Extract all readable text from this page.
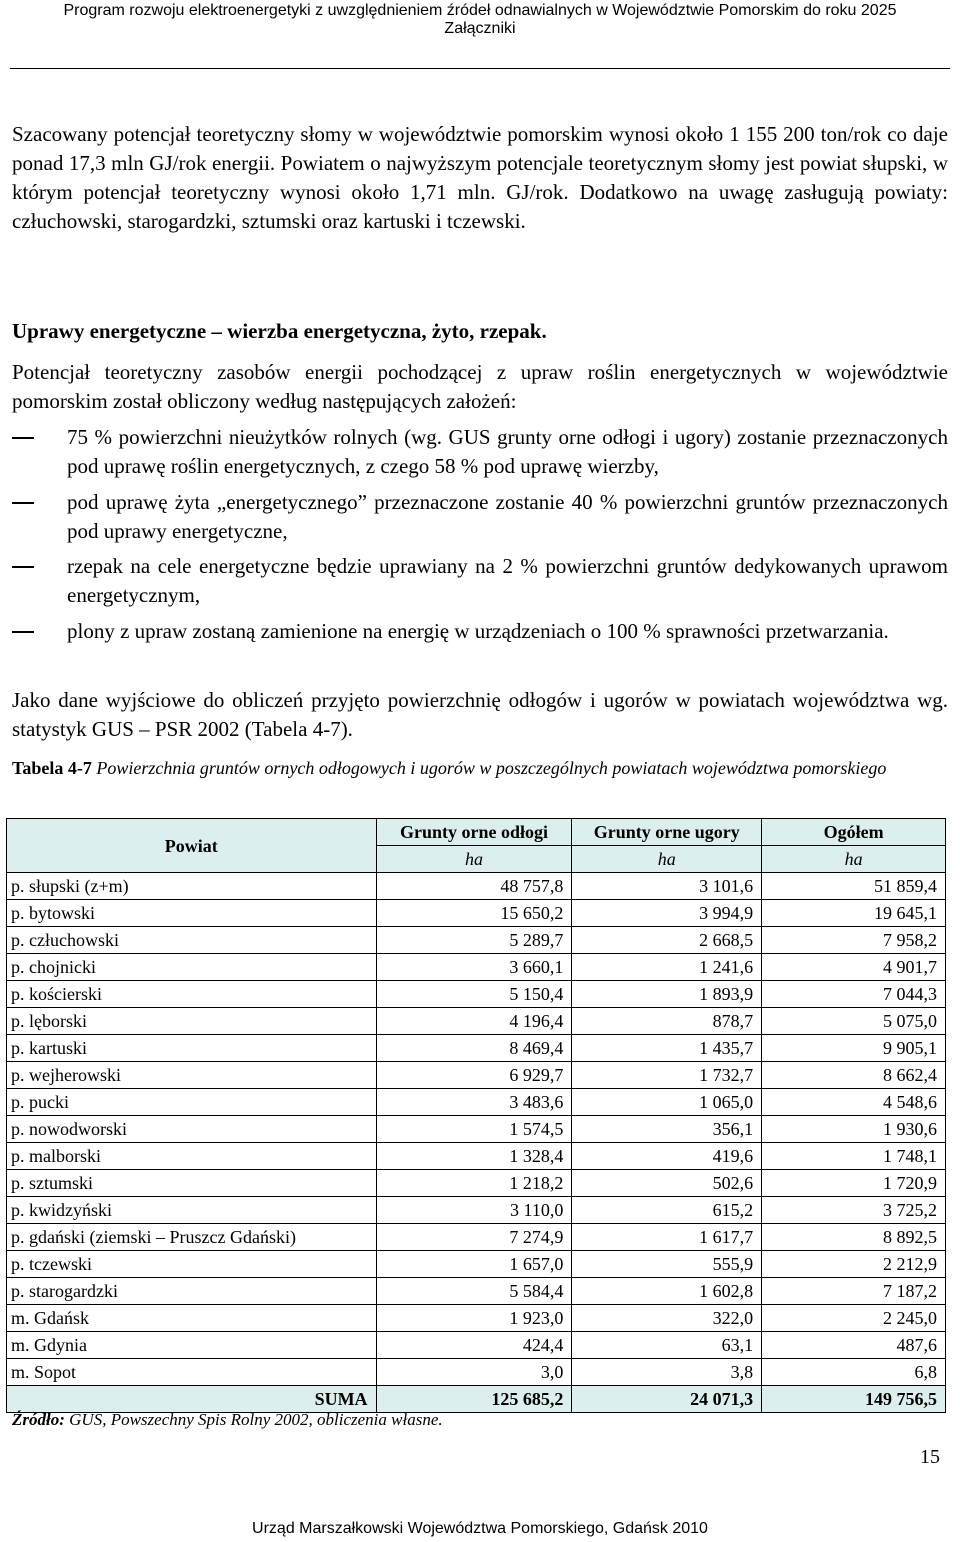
Program rozwoju elektroenergetyki z uwzględnieniem źródeł odnawialnych w Województwie Pomorskim do roku 2025
Załączniki
Szacowany potencjał teoretyczny słomy w województwie pomorskim wynosi około 1 155 200 ton/rok co daje ponad 17,3 mln GJ/rok energii. Powiatem o najwyższym potencjale teoretycznym słomy jest powiat słupski, w którym potencjał teoretyczny wynosi około 1,71 mln. GJ/rok. Dodatkowo na uwagę zasługują powiaty: człuchowski, starogardzki, sztumski oraz kartuski i tczewski.
Uprawy energetyczne – wierzba energetyczna, żyto, rzepak.
Potencjał teoretyczny zasobów energii pochodzącej z upraw roślin energetycznych w województwie pomorskim został obliczony według następujących założeń:
75 % powierzchni nieużytków rolnych (wg. GUS grunty orne odłogi i ugory) zostanie przeznaczonych pod uprawę roślin energetycznych, z czego 58 % pod uprawę wierzby,
pod uprawę żyta „energetycznego” przeznaczone zostanie 40 % powierzchni gruntów przeznaczonych pod uprawy energetyczne,
rzepak na cele energetyczne będzie uprawiany na 2 % powierzchni gruntów dedykowanych uprawom energetycznym,
plony z upraw zostaną zamienione na energię w urządzeniach o 100 % sprawności przetwarzania.
Jako dane wyjściowe do obliczeń przyjęto powierzchnię odłogów i ugorów w powiatach województwa wg. statystyk GUS – PSR 2002 (Tabela 4-7).
Tabela 4-7 Powierzchnia gruntów ornych odłogowych i ugorów w poszczególnych powiatach województwa pomorskiego
Powiat	Grunty orne odłogi	Grunty orne ugory	Ogółem
	ha	ha	ha
p. słupski (z+m)	48 757,8	3 101,6	51 859,4
p. bytowski	15 650,2	3 994,9	19 645,1
p. człuchowski	5 289,7	2 668,5	7 958,2
p. chojnicki	3 660,1	1 241,6	4 901,7
p. kościerski	5 150,4	1 893,9	7 044,3
p. lęborski	4 196,4	878,7	5 075,0
p. kartuski	8 469,4	1 435,7	9 905,1
p. wejherowski	6 929,7	1 732,7	8 662,4
p. pucki	3 483,6	1 065,0	4 548,6
p. nowodworski	1 574,5	356,1	1 930,6
p. malborski	1 328,4	419,6	1 748,1
p. sztumski	1 218,2	502,6	1 720,9
p. kwidzyński	3 110,0	615,2	3 725,2
p. gdański (ziemski – Pruszcz Gdański)	7 274,9	1 617,7	8 892,5
p. tczewski	1 657,0	555,9	2 212,9
p. starogardzki	5 584,4	1 602,8	7 187,2
m. Gdańsk	1 923,0	322,0	2 245,0
m. Gdynia	424,4	63,1	487,6
m. Sopot	3,0	3,8	6,8
SUMA	125 685,2	24 071,3	149 756,5
Źródło: GUS, Powszechny Spis Rolny 2002, obliczenia własne.
15
Urząd Marszałkowski Województwa Pomorskiego, Gdańsk 2010
